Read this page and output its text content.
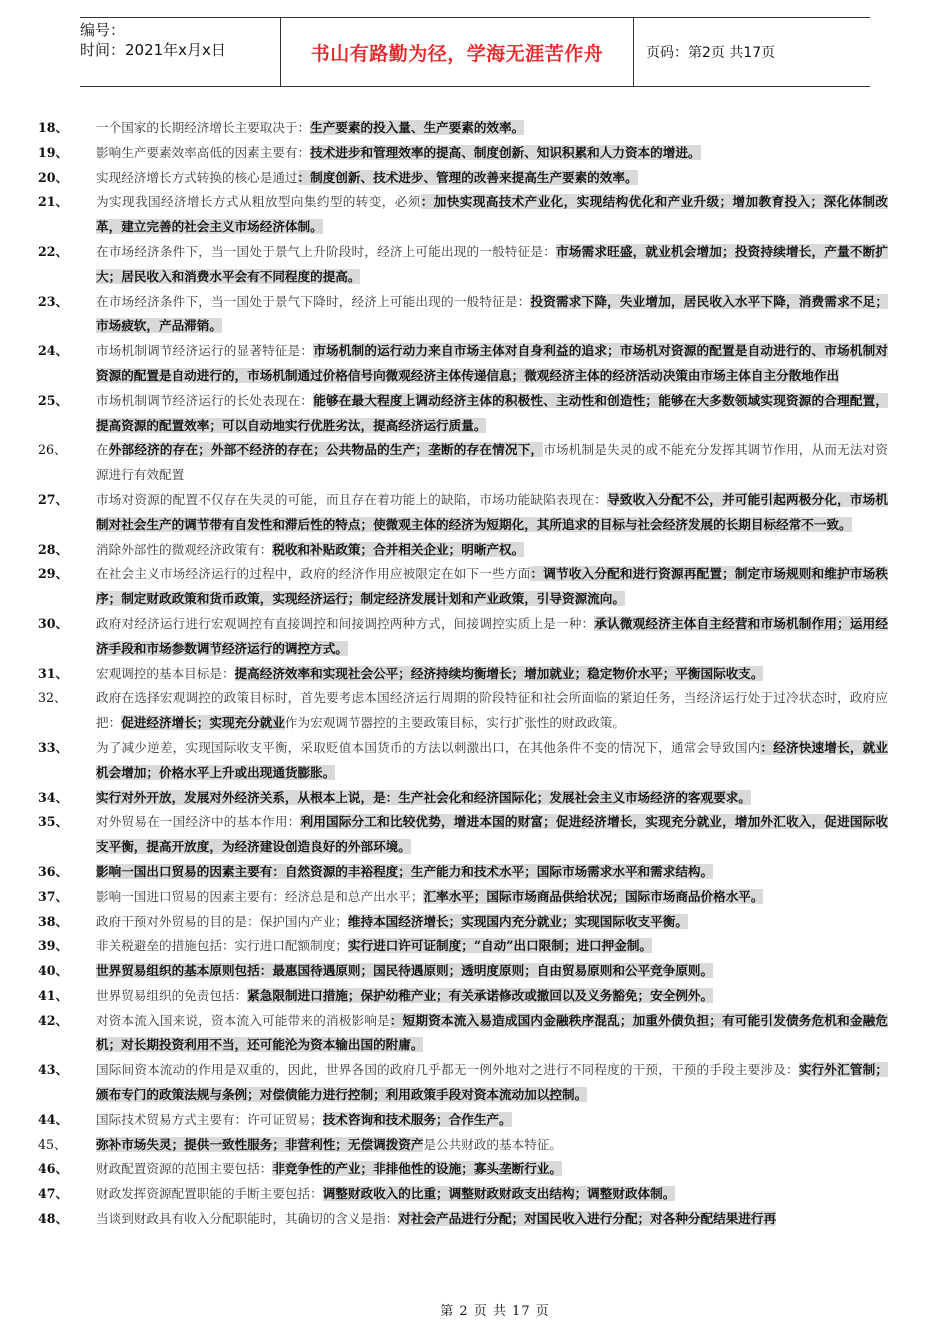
编号：
时间：2021年x月x日	书山有路勤为径，学海无涯苦作舟	页码：第2页 共17页
18、	一个国家的长期经济增长主要取决于：生产要素的投入量、生产要素的效率。
19、	影响生产要素效率高低的因素主要有：技术进步和管理效率的提高、制度创新、知识积累和人力资本的增进。
20、	实现经济增长方式转换的核心是通过：制度创新、技术进步、管理的改善来提高生产要素的效率。
21、	为实现我国经济增长方式从粗放型向集约型的转变，必须：加快实现高技术产业化，实现结构优化和产业升级；增加教育投入；深化体制改革，建立完善的社会主义市场经济体制。
22、	在市场经济条件下，当一国处于景气上升阶段时，经济上可能出现的一般特征是：市场需求旺盛，就业机会增加；投资持续增长，产量不断扩大；居民收入和消费水平会有不同程度的提高。
23、	在市场经济条件下，当一国处于景气下降时，经济上可能出现的一般特征是：投资需求下降，失业增加，居民收入水平下降，消费需求不足；市场疲软，产品滞销。
24、	市场机制调节经济运行的显著特征是：市场机制的运行动力来自市场主体对自身利益的追求；市场机对资源的配置是自动进行的、市场机制对资源的配置是自动进行的，市场机制通过价格信号向微观经济主体传递信息；微观经济主体的经济活动决策由市场主体自主分散地作出
25、	市场机制调节经济运行的长处表现在：能够在最大程度上调动经济主体的积极性、主动性和创造性；能够在大多数领域实现资源的合理配置，提高资源的配置效率；可以自动地实行优胜劣汰，提高经济运行质量。
26、	在外部经济的存在；外部不经济的存在；公共物品的生产；垄断的存在情况下，市场机制是失灵的或不能充分发挥其调节作用，从而无法对资源进行有效配置
27、	市场对资源的配置不仅存在失灵的可能，而且存在着功能上的缺陷，市场功能缺陷表现在：导致收入分配不公，并可能引起两极分化，市场机制对社会生产的调节带有自发性和滞后性的特点；使微观主体的经济为短期化，其所追求的目标与社会经济发展的长期目标经常不一致。
28、	消除外部性的微观经济政策有：税收和补贴政策；合并相关企业；明晰产权。
29、	在社会主义市场经济运行的过程中，政府的经济作用应被限定在如下一些方面：调节收入分配和进行资源再配置；制定市场规则和维护市场秩序；制定财政政策和货币政策，实现经济运行；制定经济发展计划和产业政策，引导资源流向。
30、	政府对经济运行进行宏观调控有直接调控和间接调控两种方式，间接调控实质上是一种：承认微观经济主体自主经营和市场机制作用；运用经济手段和市场参数调节经济运行的调控方式。
31、	宏观调控的基本目标是：提高经济效率和实现社会公平；经济持续均衡增长；增加就业；稳定物价水平；平衡国际收支。
32、	政府在选择宏观调控的政策目标时，首先要考虑本国经济运行周期的阶段特征和社会所面临的紧迫任务，当经济运行处于过冷状态时，政府应把：促进经济增长；实现充分就业作为宏观调节器控的主要政策目标，实行扩张性的财政政策。
33、	为了减少逆差，实现国际收支平衡，采取贬值本国货币的方法以刺激出口，在其他条件不变的情况下，通常会导致国内：经济快速增长，就业机会增加；价格水平上升或出现通货膨胀。
34、	实行对外开放，发展对外经济关系，从根本上说，是：生产社会化和经济国际化；发展社会主义市场经济的客观要求。
35、	对外贸易在一国经济中的基本作用：利用国际分工和比较优势，增进本国的财富；促进经济增长，实现充分就业，增加外汇收入，促进国际收支平衡，提高开放度，为经济建设创造良好的外部环境。
36、	影响一国出口贸易的因素主要有：自然资源的丰裕程度；生产能力和技术水平；国际市场需求水平和需求结构。
37、	影响一国进口贸易的因素主要有：经济总是和总产出水平；汇率水平；国际市场商品供给状况；国际市场商品价格水平。
38、	政府干预对外贸易的目的是：保护国内产业；维持本国经济增长；实现国内充分就业；实现国际收支平衡。
39、	非关税避垒的措施包括：实行进口配额制度；实行进口许可证制度；“自动”出口限制；进口押金制。
40、	世界贸易组织的基本原则包括：最惠国待遇原则；国民待遇原则；透明度原则；自由贸易原则和公平竞争原则。
41、	世界贸易组织的免责包括：紧急限制进口措施；保护幼稚产业；有关承诺修改或撤回以及义务豁免；安全例外。
42、	对资本流入国来说，资本流入可能带来的消极影响是：短期资本流入易造成国内金融秩序混乱；加重外债负担；有可能引发债务危机和金融危机；对长期投资利用不当，还可能沦为资本输出国的附庸。
43、	国际间资本流动的作用是双重的，因此，世界各国的政府几乎都无一例外地对之进行不同程度的干预，干预的手段主要涉及：实行外汇管制；颁布专门的政策法规与条例；对偿债能力进行控制；利用政策手段对资本流动加以控制。
44、	国际技术贸易方式主要有：许可证贸易；技术咨询和技术服务；合作生产。
45、	弥补市场失灵；提供一致性服务；非营利性；无偿调拨资产是公共财政的基本特征。
46、	财政配置资源的范围主要包括：非竞争性的产业；非排他性的设施；寡头垄断行业。
47、	财政发挥资源配置职能的手断主要包括：调整财政收入的比重；调整财政财政支出结构；调整财政体制。
48、	当谈到财政具有收入分配职能时，其确切的含义是指：对社会产品进行分配；对国民收入进行分配；对各种分配结果进行再
第 2 页 共 17 页
